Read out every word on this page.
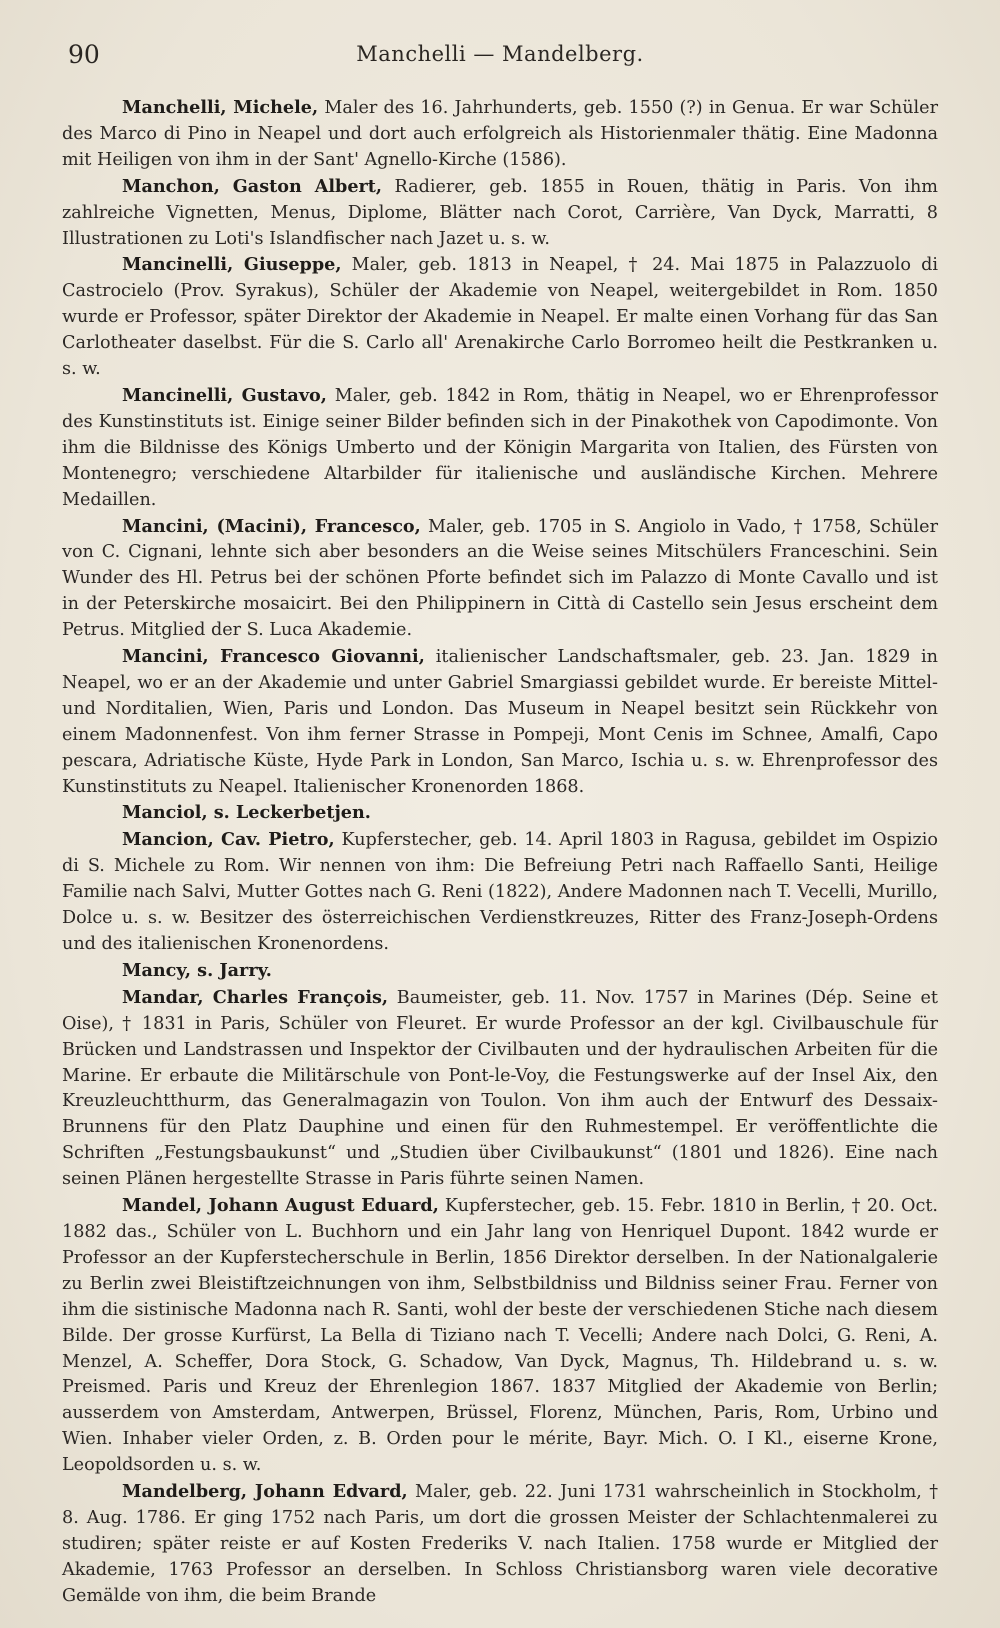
90	Manchelli — Mandelberg.

Manchelli, Michele, Maler des 16. Jahrhunderts, geb. 1550 (?) in Genua. Er war Schüler des Marco di Pino in Neapel und dort auch erfolgreich als Historienmaler thätig. Eine Madonna mit Heiligen von ihm in der Sant' Agnello-Kirche (1586).

Manchon, Gaston Albert, Radierer, geb. 1855 in Rouen, thätig in Paris. Von ihm zahlreiche Vignetten, Menus, Diplome, Blätter nach Corot, Carrière, Van Dyck, Marratti, 8 Illustrationen zu Loti's Islandfischer nach Jazet u. s. w.

Mancinelli, Giuseppe, Maler, geb. 1813 in Neapel, † 24. Mai 1875 in Palazzuolo di Castrocielo (Prov. Syrakus), Schüler der Akademie von Neapel, weitergebildet in Rom. 1850 wurde er Professor, später Direktor der Akademie in Neapel. Er malte einen Vorhang für das San Carlotheater daselbst. Für die S. Carlo all' Arenakirche Carlo Borromeo heilt die Pestkranken u. s. w.

Mancinelli, Gustavo, Maler, geb. 1842 in Rom, thätig in Neapel, wo er Ehrenprofessor des Kunstinstituts ist. Einige seiner Bilder befinden sich in der Pinakothek von Capodimonte. Von ihm die Bildnisse des Königs Umberto und der Königin Margarita von Italien, des Fürsten von Montenegro; verschiedene Altarbilder für italienische und ausländische Kirchen. Mehrere Medaillen.

Mancini, (Macini), Francesco, Maler, geb. 1705 in S. Angiolo in Vado, † 1758, Schüler von C. Cignani, lehnte sich aber besonders an die Weise seines Mitschülers Franceschini. Sein Wunder des Hl. Petrus bei der schönen Pforte befindet sich im Palazzo di Monte Cavallo und ist in der Peterskirche mosaicirt. Bei den Philippinern in Città di Castello sein Jesus erscheint dem Petrus. Mitglied der S. Luca Akademie.

Mancini, Francesco Giovanni, italienischer Landschaftsmaler, geb. 23. Jan. 1829 in Neapel, wo er an der Akademie und unter Gabriel Smargiassi gebildet wurde. Er bereiste Mittel- und Norditalien, Wien, Paris und London. Das Museum in Neapel besitzt sein Rückkehr von einem Madonnenfest. Von ihm ferner Strasse in Pompeji, Mont Cenis im Schnee, Amalfi, Capo pescara, Adriatische Küste, Hyde Park in London, San Marco, Ischia u. s. w. Ehrenprofessor des Kunstinstituts zu Neapel. Italienischer Kronenorden 1868.

Manciol, s. Leckerbetjen.

Mancion, Cav. Pietro, Kupferstecher, geb. 14. April 1803 in Ragusa, gebildet im Ospizio di S. Michele zu Rom. Wir nennen von ihm: Die Befreiung Petri nach Raffaello Santi, Heilige Familie nach Salvi, Mutter Gottes nach G. Reni (1822), Andere Madonnen nach T. Vecelli, Murillo, Dolce u. s. w. Besitzer des österreichischen Verdienstkreuzes, Ritter des Franz-Joseph-Ordens und des italienischen Kronenordens.

Mancy, s. Jarry.

Mandar, Charles François, Baumeister, geb. 11. Nov. 1757 in Marines (Dép. Seine et Oise), † 1831 in Paris, Schüler von Fleuret. Er wurde Professor an der kgl. Civilbauschule für Brücken und Landstrassen und Inspektor der Civilbauten und der hydraulischen Arbeiten für die Marine. Er erbaute die Militärschule von Pont-le-Voy, die Festungswerke auf der Insel Aix, den Kreuzleuchtthurm, das Generalmagazin von Toulon. Von ihm auch der Entwurf des Dessaix-Brunnens für den Platz Dauphine und einen für den Ruhmestempel. Er veröffentlichte die Schriften „Festungsbaukunst“ und „Studien über Civilbaukunst“ (1801 und 1826). Eine nach seinen Plänen hergestellte Strasse in Paris führte seinen Namen.

Mandel, Johann August Eduard, Kupferstecher, geb. 15. Febr. 1810 in Berlin, † 20. Oct. 1882 das., Schüler von L. Buchhorn und ein Jahr lang von Henriquel Dupont. 1842 wurde er Professor an der Kupferstecherschule in Berlin, 1856 Direktor derselben. In der Nationalgalerie zu Berlin zwei Bleistiftzeichnungen von ihm, Selbstbildniss und Bildniss seiner Frau. Ferner von ihm die sistinische Madonna nach R. Santi, wohl der beste der verschiedenen Stiche nach diesem Bilde. Der grosse Kurfürst, La Bella di Tiziano nach T. Vecelli; Andere nach Dolci, G. Reni, A. Menzel, A. Scheffer, Dora Stock, G. Schadow, Van Dyck, Magnus, Th. Hildebrand u. s. w. Preismed. Paris und Kreuz der Ehrenlegion 1867. 1837 Mitglied der Akademie von Berlin; ausserdem von Amsterdam, Antwerpen, Brüssel, Florenz, München, Paris, Rom, Urbino und Wien. Inhaber vieler Orden, z. B. Orden pour le mérite, Bayr. Mich. O. I Kl., eiserne Krone, Leopoldsorden u. s. w.

Mandelberg, Johann Edvard, Maler, geb. 22. Juni 1731 wahrscheinlich in Stockholm, † 8. Aug. 1786. Er ging 1752 nach Paris, um dort die grossen Meister der Schlachtenmalerei zu studiren; später reiste er auf Kosten Frederiks V. nach Italien. 1758 wurde er Mitglied der Akademie, 1763 Professor an derselben. In Schloss Christiansborg waren viele decorative Gemälde von ihm, die beim Brande
